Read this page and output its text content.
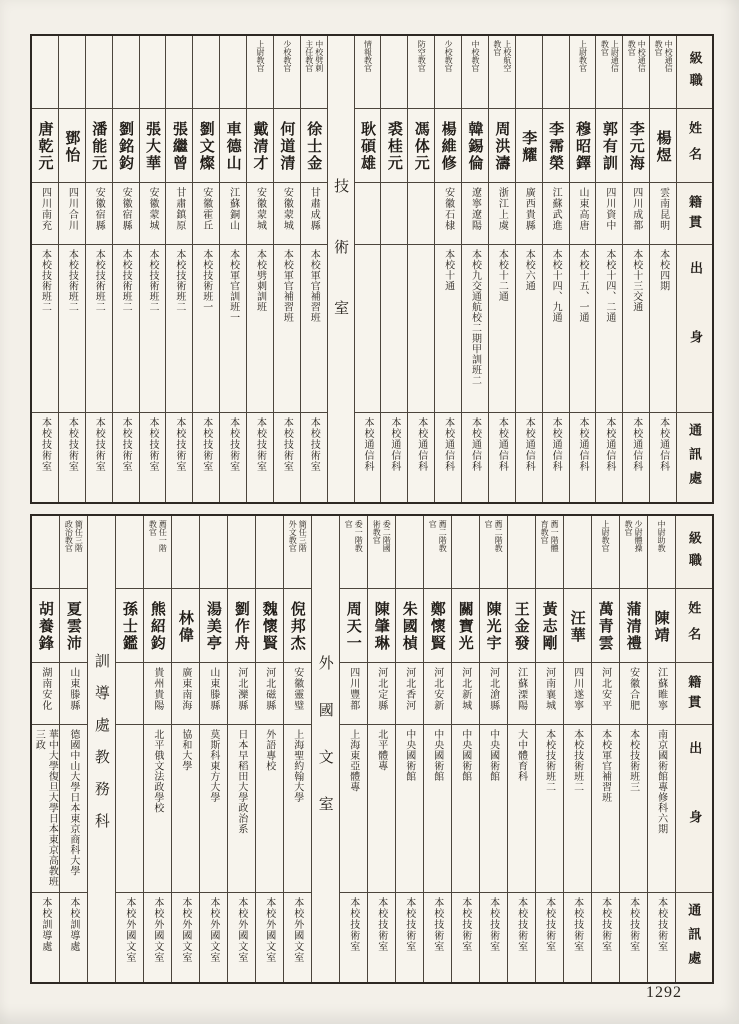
級職
姓名
籍貫
出身
通訊處
中校通信教官
楊煜
雲南昆明
本校四期
本校通信科
中校通信教官
李元海
四川成都
本校十三交通
本校通信科
上尉通信教官
郭有訓
四川資中
本校十四、二通
本校通信科
上尉教官
穆昭鐸
山東高唐
本校十五、一通
本校通信科
李霈榮
江蘇武進
本校十四、九通
本校通信科
李耀
廣西貴縣
本校六通
本校通信科
上校航空教官
周洪濤
浙江上虞
本校十二通
本校通信科
中校教官
韓錫倫
遼寧遼陽
本校九交通航校二期甲訓班二
本校通信科
少校教官
楊維修
安徽石棣
本校十通
本校通信科
防空教官
馮体元
本校通信科
裘桂元
本校通信科
情報教官
耿碩雄
本校通信科
技術室
中校劈刺主任教官
徐士金
甘肅成縣
本校軍官補習班
本校技術室
少校教官
何道清
安徽蒙城
本校軍官補習班
本校技術室
上尉教官
戴清才
安徽蒙城
本校劈刺訓班
本校技術室
車德山
江蘇銅山
本校軍官訓班一
本校技術室
劉文燦
安徽霍丘
本校技術班一
本校技術室
張繼曾
甘肅鎮原
本校技術班二
本校技術室
張大華
安徽蒙城
本校技術班二
本校技術室
劉銘鈞
安徽宿縣
本校技術班二
本校技術室
潘能元
安徽宿縣
本校技術班二
本校技術室
鄧怡
四川合川
本校技術班二
本校技術室
唐乾元
四川南充
本校技術班二
本校技術室
級職
姓名
籍貫
出身
通訊處
中尉助教
陳靖
江蘇睢寧
南京國術館專修科六期
本校技術室
少尉體操教官
蒲清禮
安徽合肥
本校技術班三
本校技術室
上尉教官
萬青雲
河北安平
本校軍官補習班
本校技術室
汪華
四川遂寧
本校技術班二
本校技術室
薦一階體育教官
黃志剛
河南襄城
本校技術班二
本校技術室
王金發
江蘇溧陽
大中體育科
本校技術室
薦二階教官
陳光宇
河北滄縣
中央國術館
本校技術室
關寶光
河北新城
中央國術館
本校技術室
薦二階教官
鄭懷賢
河北安新
中央國術館
本校技術室
朱國楨
河北香河
中央國術館
本校技術室
委二階國術教官
陳肇琳
河北定縣
北平體專
本校技術室
委一階教官
周天一
四川豐都
上海東亞體專
本校技術室
外國文室
簡任三階外文教官
倪邦杰
安徽靈璧
上海聖約翰大學
本校外國文室
魏懷賢
河北磁縣
外語專校
本校外國文室
劉作舟
河北灤縣
日本早稻田大學政治系
本校外國文室
湯美亭
山東滕縣
莫斯科東方大學
本校外國文室
林偉
廣東南海
協和大學
本校外國文室
薦任一階教官
熊紹鈞
貴州貴陽
北平俄文法政學校
本校外國文室
孫士鑑
本校外國文室
訓導處教務科
簡任三階政治教官
夏雲沛
山東滕縣
德國中山大學日本東京商科大學
本校訓導處
胡養鋒
湖南安化
華中大學復旦大學日本東京高教班三政
本校訓導處
1292
